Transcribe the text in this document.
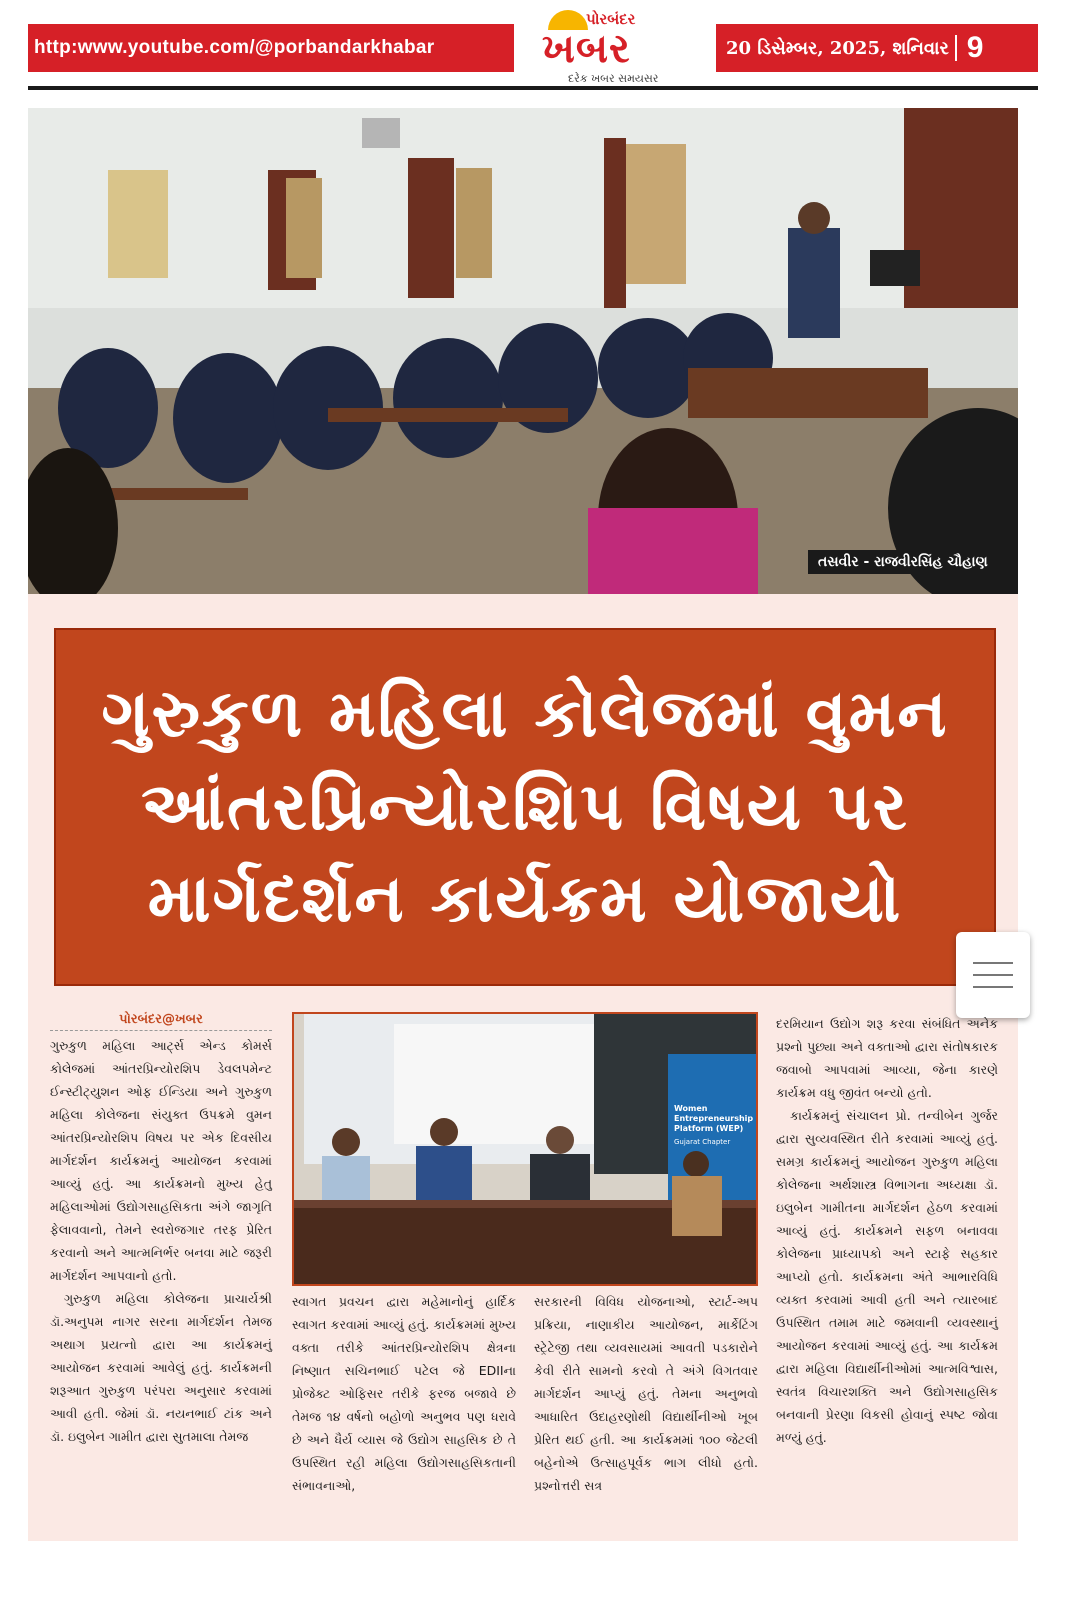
http:www.youtube.com/@porbandarkhabar
પોરબંદર
ખબર
દરેક ખબર સમયસર
20 ડિસેમ્બર, 2025, શનિવાર 9
તસવીર - રાજવીરસિંહ ચૌહાણ
ગુરુકુળ મહિલા કોલેજમાં વુમન
આંતરપ્રિન્યોરશિપ વિષય પર
માર્ગદર્શન કાર્યક્રમ યોજાયો
પોરબંદર@ખબર

ગુરુકુળ મહિલા આર્ટ્સ એન્ડ કોમર્સ કોલેજમાં આંતરપ્રિન્યોરશિપ ડેવલપમેન્ટ ઈન્સ્ટીટ્યુશન ઓફ ઈન્ડિયા અને ગુરુકુળ મહિલા કોલેજના સંયુક્ત ઉપક્રમે વુમન આંતરપ્રિન્યોરશિપ વિષય પર એક દિવસીય માર્ગદર્શન કાર્યક્રમનું આયોજન કરવામાં આવ્યું હતું. આ કાર્યક્રમનો મુખ્ય હેતુ મહિલાઓમાં ઉદ્યોગસાહસિકતા અંગે જાગૃતિ ફેલાવવાનો, તેમને સ્વરોજગાર તરફ પ્રેરિત કરવાનો અને આત્મનિર્ભર બનવા માટે જરૂરી માર્ગદર્શન આપવાનો હતો.

ગુરુકુળ મહિલા કોલેજના પ્રાચાર્યશ્રી ડૉ.અનુપમ નાગર સરના માર્ગદર્શન તેમજ અથાગ પ્રયત્નો દ્વારા આ કાર્યક્રમનું આયોજન કરવામાં આવેલું હતું. કાર્યક્રમની શરૂઆત ગુરુકુળ પરંપરા અનુસાર કરવામાં આવી હતી. જેમાં ડૉ. નયનભાઈ ટાંક અને ડૉ. ઇલુબેન ગામીત દ્વારા સુતમાલા તેમજ

Women Entrepreneurship Platform (WEP)
Gujarat Chapter

સ્વાગત પ્રવચન દ્વારા મહેમાનોનું હાર્દિક સ્વાગત કરવામાં આવ્યું હતું. કાર્યક્રમમાં મુખ્ય વક્તા તરીકે આંતરપ્રિન્યોરશિપ ક્ષેત્રના નિષ્ણાત સચિનભાઈ પટેલ જે EDIIના પ્રોજેક્ટ ઓફિસર તરીકે ફરજ બજાવે છે તેમજ ૧૪ વર્ષનો બહોળો અનુભવ પણ ધરાવે છે અને ધૈર્ય વ્યાસ જે ઉદ્યોગ સાહસિક છે તે ઉપસ્થિત રહી મહિલા ઉદ્યોગસાહસિકતાની સંભાવનાઓ,

સરકારની વિવિધ યોજનાઓ, સ્ટાર્ટ-અપ પ્રક્રિયા, નાણાકીય આયોજન, માર્કેટિંગ સ્ટ્રેટેજી તથા વ્યવસાયમાં આવતી પડકારોને કેવી રીતે સામનો કરવો તે અંગે વિગતવાર માર્ગદર્શન આપ્યું હતું. તેમના અનુભવો આધારિત ઉદાહરણોથી વિદ્યાર્થીનીઓ ખૂબ પ્રેરિત થઈ હતી. આ કાર્યક્રમમાં ૧૦૦ જેટલી બહેનોએ ઉત્સાહપૂર્વક ભાગ લીધો હતો. પ્રશ્નોત્તરી સત્ર

દરમિયાન ઉદ્યોગ શરૂ કરવા સંબંધિત અનેક પ્રશ્નો પુછ્યા અને વક્તાઓ દ્વારા સંતોષકારક જવાબો આપવામાં આવ્યા, જેના કારણે કાર્યક્રમ વધુ જીવંત બન્યો હતો.

કાર્યક્રમનું સંચાલન પ્રો. તન્વીબેન ગુર્જર દ્વારા સુવ્યવસ્થિત રીતે કરવામાં આવ્યું હતું. સમગ્ર કાર્યક્રમનું આયોજન ગુરુકુળ મહિલા કોલેજના અર્થશાસ્ત્ર વિભાગના અધ્યક્ષા ડૉ. ઇલુબેન ગામીતના માર્ગદર્શન હેઠળ કરવામાં આવ્યું હતું. કાર્યક્રમને સફળ બનાવવા કોલેજના પ્રાધ્યાપકો અને સ્ટાફે સહકાર આપ્યો હતો. કાર્યક્રમના અંતે આભારવિધિ વ્યક્ત કરવામાં આવી હતી અને ત્યારબાદ ઉપસ્થિત તમામ માટે જમવાની વ્યવસ્થાનું આયોજન કરવામાં આવ્યું હતું. આ કાર્યક્રમ દ્વારા મહિલા વિદ્યાર્થીનીઓમાં આત્મવિશ્વાસ, સ્વતંત્ર વિચારશક્તિ અને ઉદ્યોગસાહસિક બનવાની પ્રેરણા વિકસી હોવાનું સ્પષ્ટ જોવા મળ્યું હતું.
